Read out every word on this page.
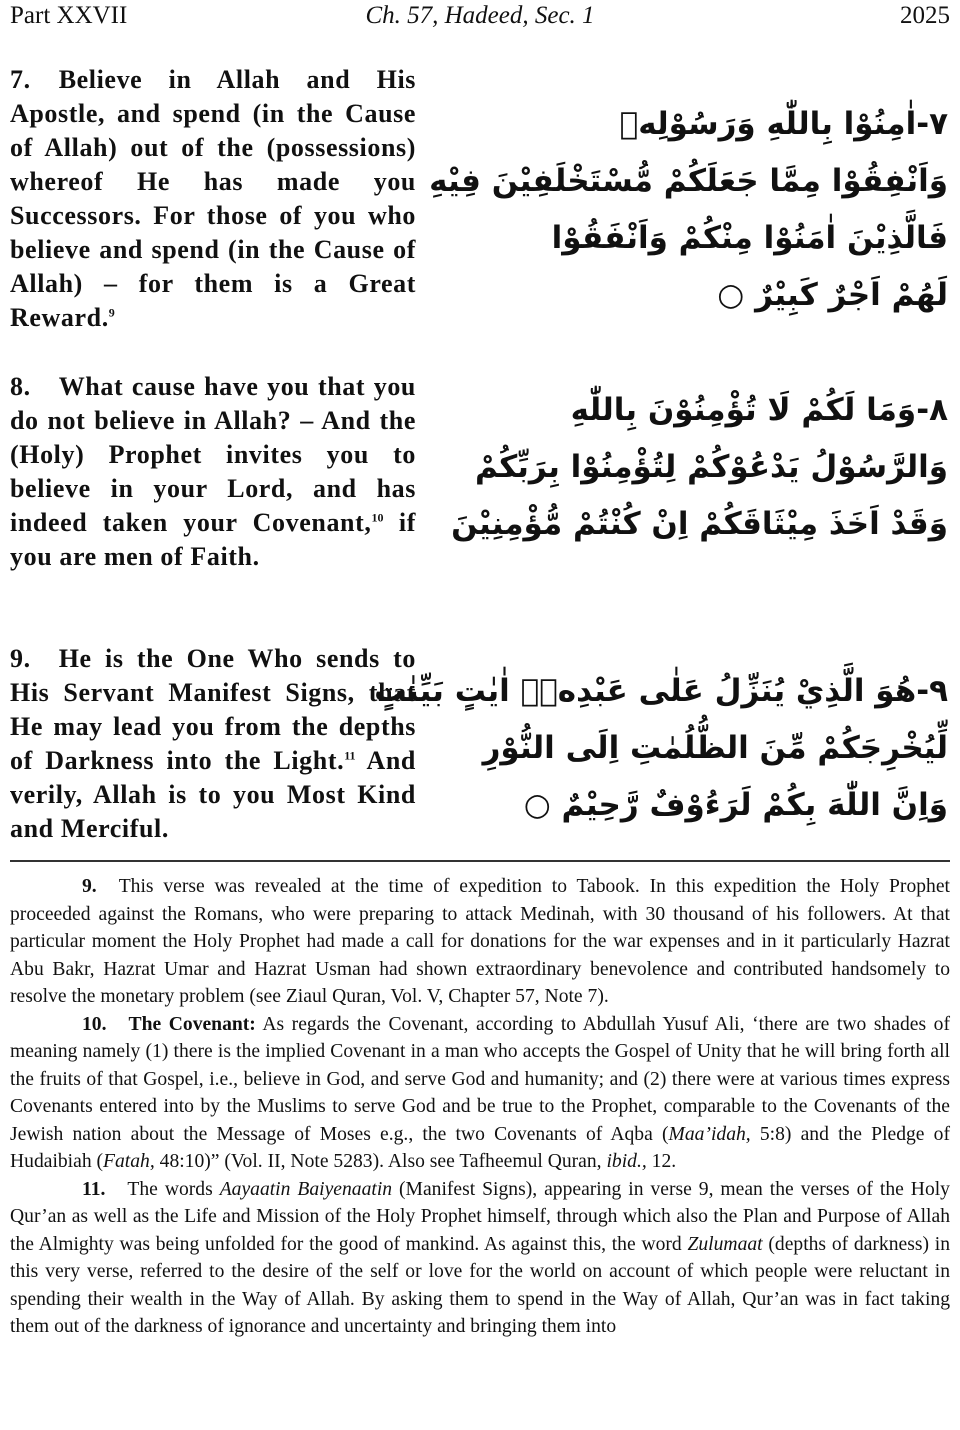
Part XXVII	Ch. 57, Hadeed, Sec. 1	2025
7. Believe in Allah and His Apostle, and spend (in the Cause of Allah) out of the (possessions) whereof He has made you Successors. For those of you who believe and spend (in the Cause of Allah) – for them is a Great Reward.$^9$
٧-اٰمِنُوْا بِاللّٰهِ وَرَسُوْلِهٖ
وَاَنْفِقُوْا مِمَّا جَعَلَكُمْ مُّسْتَخْلَفِيْنَ فِيْهِ
فَالَّذِيْنَ اٰمَنُوْا مِنْكُمْ وَاَنْفَقُوْا
لَهُمْ اَجْرٌ كَبِيْرٌ ○
8. What cause have you that you do not believe in Allah? – And the (Holy) Prophet invites you to believe in your Lord, and has indeed taken your Covenant,$^{10}$ if you are men of Faith.
٨-وَمَا لَكُمْ لَا تُؤْمِنُوْنَ بِاللّٰهِ
وَالرَّسُوْلُ يَدْعُوْكُمْ لِتُؤْمِنُوْا بِرَبِّكُمْ
وَقَدْ اَخَذَ مِيْثَاقَكُمْ اِنْ كُنْتُمْ مُّؤْمِنِيْنَ
9. He is the One Who sends to His Servant Manifest Signs, that He may lead you from the depths of Darkness into the Light.$^{11}$ And verily, Allah is to you Most Kind and Merciful.
٩-هُوَ الَّذِيْ يُنَزِّلُ عَلٰى عَبْدِهٖۤ اٰيٰتٍ بَيِّنٰتٍ
لِّيُخْرِجَكُمْ مِّنَ الظُّلُمٰتِ اِلَى النُّوْرِ
وَاِنَّ اللّٰهَ بِكُمْ لَرَءُوْفٌ رَّحِيْمٌ ○

9. This verse was revealed at the time of expedition to Tabook. In this expedition the Holy Prophet proceeded against the Romans, who were preparing to attack Medinah, with 30 thousand of his followers. At that particular moment the Holy Prophet had made a call for donations for the war expenses and in it particularly Hazrat Abu Bakr, Hazrat Umar and Hazrat Usman had shown extraordinary benevolence and contributed handsomely to resolve the monetary problem (see Ziaul Quran, Vol. V, Chapter 57, Note 7).

10. The Covenant: As regards the Covenant, according to Abdullah Yusuf Ali, ‘there are two shades of meaning namely (1) there is the implied Covenant in a man who accepts the Gospel of Unity that he will bring forth all the fruits of that Gospel, i.e., believe in God, and serve God and humanity; and (2) there were at various times express Covenants entered into by the Muslims to serve God and be true to the Prophet, comparable to the Covenants of the Jewish nation about the Message of Moses e.g., the two Covenants of Aqba (Maa’idah, 5:8) and the Pledge of Hudaibiah (Fatah, 48:10)” (Vol. II, Note 5283). Also see Tafheemul Quran, ibid., 12.

11. The words Aayaatin Baiyenaatin (Manifest Signs), appearing in verse 9, mean the verses of the Holy Qur’an as well as the Life and Mission of the Holy Prophet himself, through which also the Plan and Purpose of Allah the Almighty was being unfolded for the good of mankind. As against this, the word Zulumaat (depths of darkness) in this very verse, referred to the desire of the self or love for the world on account of which people were reluctant in spending their wealth in the Way of Allah. By asking them to spend in the Way of Allah, Qur’an was in fact taking them out of the darkness of ignorance and uncertainty and bringing them into
